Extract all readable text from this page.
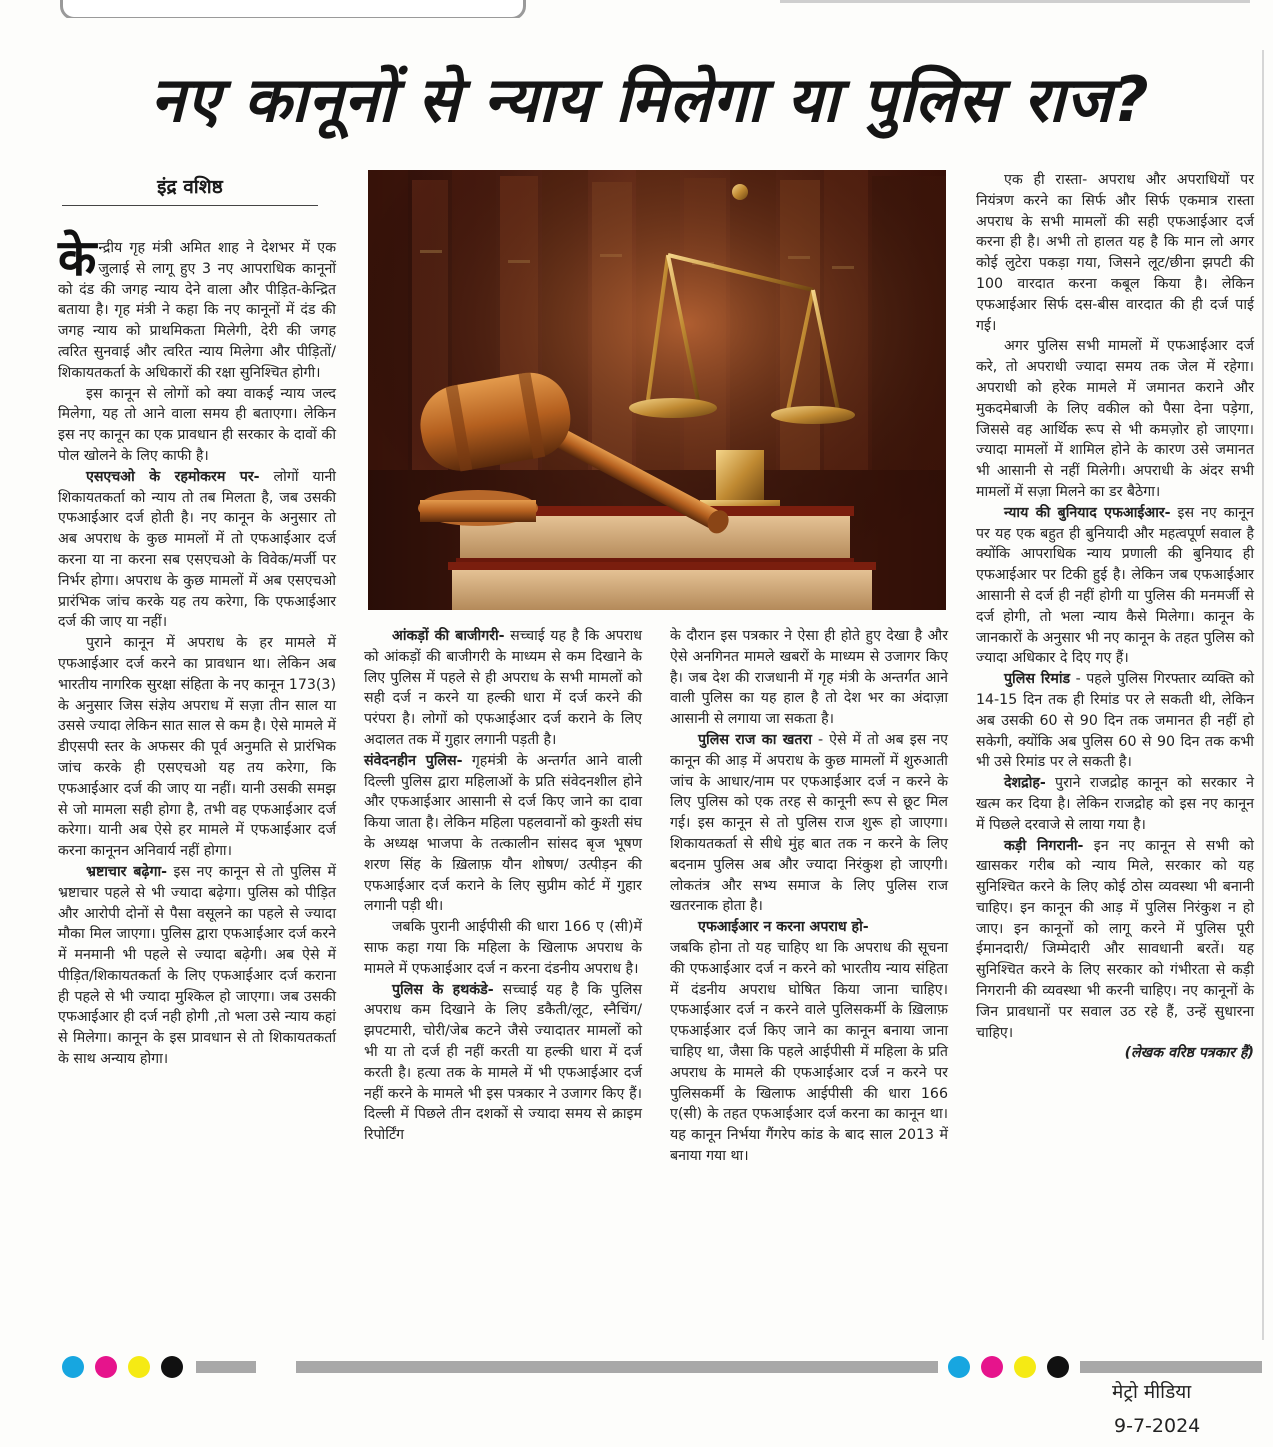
नए कानूनों से न्याय मिलेगा या पुलिस राज?
इंद्र वशिष्ठ

केन्द्रीय गृह मंत्री अमित शाह ने देशभर में एक जुलाई से लागू हुए 3 नए आपराधिक कानूनों को दंड की जगह न्याय देने वाला और पीड़ित-केन्द्रित बताया है। गृह मंत्री ने कहा कि नए कानूनों में दंड की जगह न्याय को प्राथमिकता मिलेगी, देरी की जगह त्वरित सुनवाई और त्वरित न्याय मिलेगा और पीड़ितों/शिकायतकर्ता के अधिकारों की रक्षा सुनिश्चित होगी।

इस कानून से लोगों को क्या वाकई न्याय जल्द मिलेगा, यह तो आने वाला समय ही बताएगा। लेकिन इस नए कानून का एक प्रावधान ही सरकार के दावों की पोल खोलने के लिए काफी है।

एसएचओ के रहमोकरम पर- लोगों यानी शिकायतकर्ता को न्याय तो तब मिलता है, जब उसकी एफआईआर दर्ज होती है। नए कानून के अनुसार तो अब अपराध के कुछ मामलों में तो एफआईआर दर्ज करना या ना करना सब एसएचओ के विवेक/मर्जी पर निर्भर होगा। अपराध के कुछ मामलों में अब एसएचओ प्रारंभिक जांच करके यह तय करेगा, कि एफआईआर दर्ज की जाए या नहीं।

पुराने कानून में अपराध के हर मामले में एफआईआर दर्ज करने का प्रावधान था। लेकिन अब भारतीय नागरिक सुरक्षा संहिता के नए कानून 173(3) के अनुसार जिस संज्ञेय अपराध में सज़ा तीन साल या उससे ज्यादा लेकिन सात साल से कम है। ऐसे मामले में डीएसपी स्तर के अफसर की पूर्व अनुमति से प्रारंभिक जांच करके ही एसएचओ यह तय करेगा, कि एफआईआर दर्ज की जाए या नहीं। यानी उसकी समझ से जो मामला सही होगा है, तभी वह एफआईआर दर्ज करेगा। यानी अब ऐसे हर मामले में एफआईआर दर्ज करना कानूनन अनिवार्य नहीं होगा।

भ्रष्टाचार बढ़ेगा- इस नए कानून से तो पुलिस में भ्रष्टाचार पहले से भी ज्यादा बढ़ेगा। पुलिस को पीड़ित और आरोपी दोनों से पैसा वसूलने का पहले से ज्यादा मौका मिल जाएगा। पुलिस द्वारा एफआईआर दर्ज करने में मनमानी भी पहले से ज्यादा बढ़ेगी। अब ऐसे में पीड़ित/शिकायतकर्ता के लिए एफआईआर दर्ज कराना ही पहले से भी ज्यादा मुश्किल हो जाएगा। जब उसकी एफआईआर ही दर्ज नही होगी ,तो भला उसे न्याय कहां से मिलेगा। कानून के इस प्रावधान से तो शिकायतकर्ता के साथ अन्याय होगा।

आंकड़ों की बाजीगरी- सच्चाई यह है कि अपराध को आंकड़ों की बाजीगरी के माध्यम से कम दिखाने के लिए पुलिस में पहले से ही अपराध के सभी मामलों को सही दर्ज न करने या हल्की धारा में दर्ज करने की परंपरा है। लोगों को एफआईआर दर्ज कराने के लिए अदालत तक में गुहार लगानी पड़ती है।

संवेदनहीन पुलिस- गृहमंत्री के अन्तर्गत आने वाली दिल्ली पुलिस द्वारा महिलाओं के प्रति संवेदनशील होने और एफआईआर आसानी से दर्ज किए जाने का दावा किया जाता है। लेकिन महिला पहलवानों को कुश्ती संघ के अध्यक्ष भाजपा के तत्कालीन सांसद बृज भूषण शरण सिंह के ख़िलाफ़ यौन शोषण/ उत्पीड़न की एफआईआर दर्ज कराने के लिए सुप्रीम कोर्ट में गुहार लगानी पड़ी थी।

जबकि पुरानी आईपीसी की धारा 166 ए (सी)में साफ कहा गया कि महिला के खिलाफ अपराध के मामले में एफआईआर दर्ज न करना दंडनीय अपराध है।

पुलिस के हथकंडे- सच्चाई यह है कि पुलिस अपराध कम दिखाने के लिए डकैती/लूट, स्नैचिंग/झपटमारी, चोरी/जेब कटने जैसे ज्यादातर मामलों को भी या तो दर्ज ही नहीं करती या हल्की धारा में दर्ज करती है। हत्या तक के मामले में भी एफआईआर दर्ज नहीं करने के मामले भी इस पत्रकार ने उजागर किए हैं। दिल्ली में पिछले तीन दशकों से ज्यादा समय से क्राइम रिपोर्टिंग

के दौरान इस पत्रकार ने ऐसा ही होते हुए देखा है और ऐसे अनगिनत मामले खबरों के माध्यम से उजागर किए है। जब देश की राजधानी में गृह मंत्री के अन्तर्गत आने वाली पुलिस का यह हाल है तो देश भर का अंदाज़ा आसानी से लगाया जा सकता है।

पुलिस राज का खतरा - ऐसे में तो अब इस नए कानून की आड़ में अपराध के कुछ मामलों में शुरुआती जांच के आधार/नाम पर एफआईआर दर्ज न करने के लिए पुलिस को एक तरह से कानूनी रूप से छूट मिल गई। इस कानून से तो पुलिस राज शुरू हो जाएगा। शिकायतकर्ता से सीधे मुंह बात तक न करने के लिए बदनाम पुलिस अब और ज्यादा निरंकुश हो जाएगी। लोकतंत्र और सभ्य समाज के लिए पुलिस राज खतरनाक होता है।

एफआईआर न करना अपराध हो-

जबकि होना तो यह चाहिए था कि अपराध की सूचना की एफआईआर दर्ज न करने को भारतीय न्याय संहिता में दंडनीय अपराध घोषित किया जाना चाहिए। एफआईआर दर्ज न करने वाले पुलिसकर्मी के ख़िलाफ़ एफआईआर दर्ज किए जाने का कानून बनाया जाना चाहिए था, जैसा कि पहले आईपीसी में महिला के प्रति अपराध के मामले की एफआईआर दर्ज न करने पर पुलिसकर्मी के खिलाफ आईपीसी की धारा 166 ए(सी) के तहत एफआईआर दर्ज करना का कानून था। यह कानून निर्भया गैंगरेप कांड के बाद साल 2013 में बनाया गया था।

एक ही रास्ता- अपराध और अपराधियों पर नियंत्रण करने का सिर्फ और सिर्फ एकमात्र रास्ता अपराध के सभी मामलों की सही एफआईआर दर्ज करना ही है। अभी तो हालत यह है कि मान लो अगर कोई लुटेरा पकड़ा गया, जिसने लूट/छीना झपटी की 100 वारदात करना कबूल किया है। लेकिन एफआईआर सिर्फ दस-बीस वारदात की ही दर्ज पाई गई।

अगर पुलिस सभी मामलों में एफआईआर दर्ज करे, तो अपराधी ज्यादा समय तक जेल में रहेगा। अपराधी को हरेक मामले में जमानत कराने और मुकदमेबाजी के लिए वकील को पैसा देना पड़ेगा, जिससे वह आर्थिक रूप से भी कमज़ोर हो जाएगा। ज्यादा मामलों में शामिल होने के कारण उसे जमानत भी आसानी से नहीं मिलेगी। अपराधी के अंदर सभी मामलों में सज़ा मिलने का डर बैठेगा।

न्याय की बुनियाद एफआईआर- इस नए कानून पर यह एक बहुत ही बुनियादी और महत्वपूर्ण सवाल है क्योंकि आपराधिक न्याय प्रणाली की बुनियाद ही एफआईआर पर टिकी हुई है। लेकिन जब एफआईआर आसानी से दर्ज ही नहीं होगी या पुलिस की मनमर्जी से दर्ज होगी, तो भला न्याय कैसे मिलेगा। कानून के जानकारों के अनुसार भी नए कानून के तहत पुलिस को ज्यादा अधिकार दे दिए गए हैं।

पुलिस रिमांड - पहले पुलिस गिरफ्तार व्यक्ति को 14-15 दिन तक ही रिमांड पर ले सकती थी, लेकिन अब उसकी 60 से 90 दिन तक जमानत ही नहीं हो सकेगी, क्योंकि अब पुलिस 60 से 90 दिन तक कभी भी उसे रिमांड पर ले सकती है।

देशद्रोह- पुराने राजद्रोह कानून को सरकार ने खत्म कर दिया है। लेकिन राजद्रोह को इस नए कानून में पिछले दरवाजे से लाया गया है।

कड़ी निगरानी- इन नए कानून से सभी को खासकर गरीब को न्याय मिले, सरकार को यह सुनिश्चित करने के लिए कोई ठोस व्यवस्था भी बनानी चाहिए। इन कानून की आड़ में पुलिस निरंकुश न हो जाए। इन कानूनों को लागू करने में पुलिस पूरी ईमानदारी/ जिम्मेदारी और सावधानी बरतें। यह सुनिश्चित करने के लिए सरकार को गंभीरता से कड़ी निगरानी की व्यवस्था भी करनी चाहिए। नए कानूनों के जिन प्रावधानों पर सवाल उठ रहे हैं, उन्हें सुधारना चाहिए।

(लेखक वरिष्ठ पत्रकार हैं)

मेट्रो मीडिया
9-7-2024
